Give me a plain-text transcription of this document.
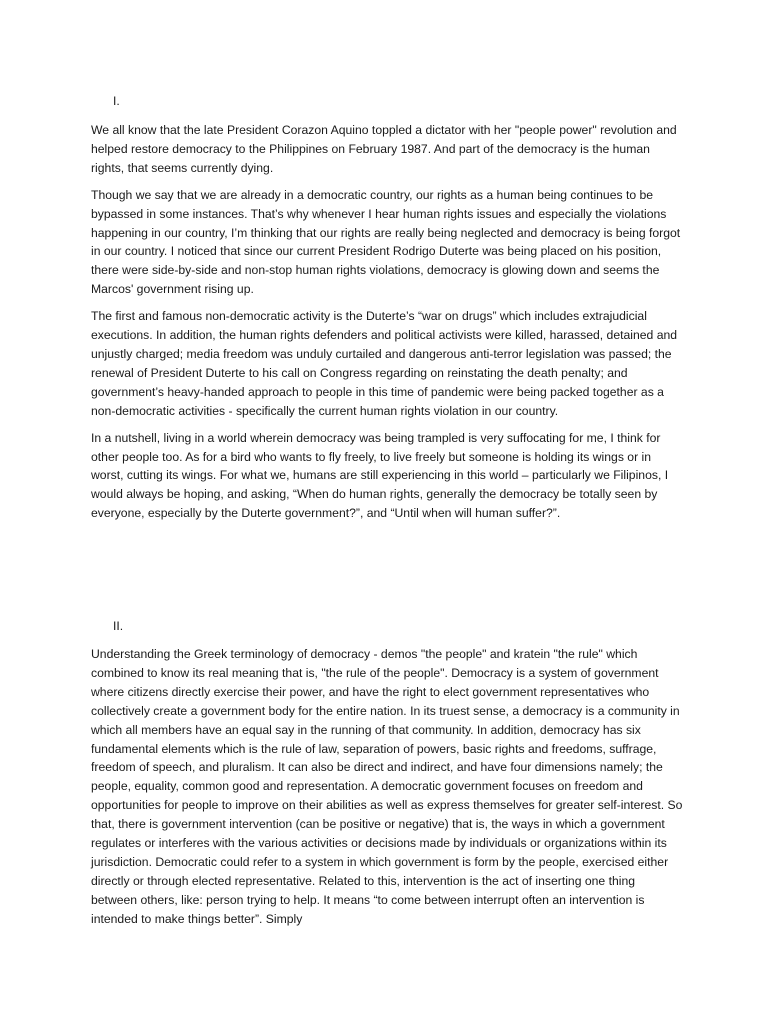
I.

We all know that the late President Corazon Aquino toppled a dictator with her "people power" revolution and helped restore democracy to the Philippines on February 1987. And part of the democracy is the human rights, that seems currently dying.

Though we say that we are already in a democratic country, our rights as a human being continues to be bypassed in some instances. That’s why whenever I hear human rights issues and especially the violations happening in our country, I’m thinking that our rights are really being neglected and democracy is being forgot in our country. I noticed that since our current President Rodrigo Duterte was being placed on his position, there were side-by-side and non-stop human rights violations, democracy is glowing down and seems the Marcos' government rising up.

The first and famous non-democratic activity is the Duterte’s “war on drugs” which includes extrajudicial executions. In addition, the human rights defenders and political activists were killed, harassed, detained and unjustly charged; media freedom was unduly curtailed and dangerous anti-terror legislation was passed; the renewal of President Duterte to his call on Congress regarding on reinstating the death penalty; and government’s heavy-handed approach to people in this time of pandemic were being packed together as a non-democratic activities - specifically the current human rights violation in our country.

In a nutshell, living in a world wherein democracy was being trampled is very suffocating for me, I think for other people too. As for a bird who wants to fly freely, to live freely but someone is holding its wings or in worst, cutting its wings. For what we, humans are still experiencing in this world – particularly we Filipinos, I would always be hoping, and asking, “When do human rights, generally the democracy be totally seen by everyone, especially by the Duterte government?”, and “Until when will human suffer?”.

II.

Understanding the Greek terminology of democracy - demos "the people" and kratein "the rule" which combined to know its real meaning that is, "the rule of the people". Democracy is a system of government where citizens directly exercise their power, and have the right to elect government representatives who collectively create a government body for the entire nation. In its truest sense, a democracy is a community in which all members have an equal say in the running of that community. In addition, democracy has six fundamental elements which is the rule of law, separation of powers, basic rights and freedoms, suffrage, freedom of speech, and pluralism. It can also be direct and indirect, and have four dimensions namely; the people, equality, common good and representation. A democratic government focuses on freedom and opportunities for people to improve on their abilities as well as express themselves for greater self-interest. So that, there is government intervention (can be positive or negative) that is, the ways in which a government regulates or interferes with the various activities or decisions made by individuals or organizations within its jurisdiction. Democratic could refer to a system in which government is form by the people, exercised either directly or through elected representative. Related to this, intervention is the act of inserting one thing between others, like: person trying to help. It means “to come between interrupt often an intervention is intended to make things better”. Simply
